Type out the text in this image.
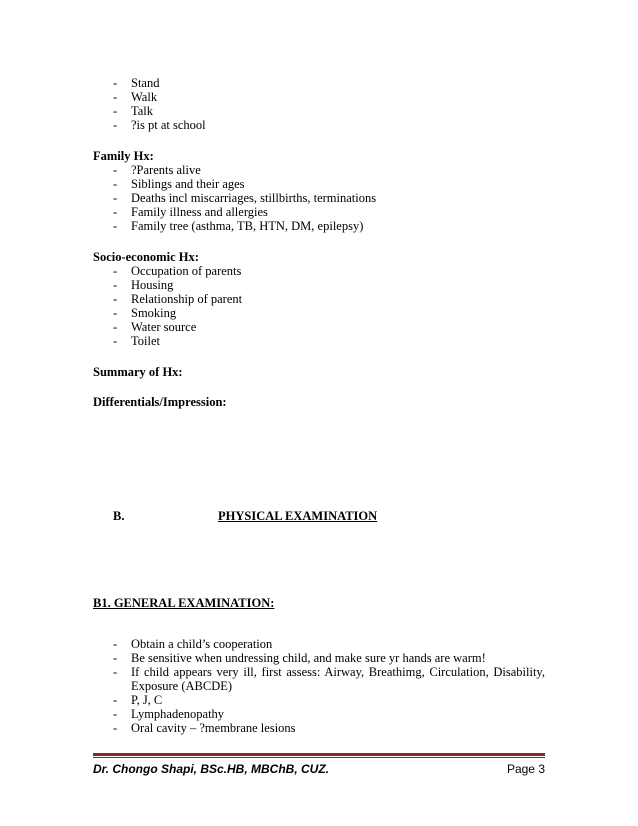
- Stand
- Walk
- Talk
- ?is pt at school
Family Hx:
- ?Parents alive
- Siblings and their ages
- Deaths incl miscarriages, stillbirths, terminations
- Family illness and allergies
- Family tree (asthma, TB, HTN, DM, epilepsy)
Socio-economic Hx:
- Occupation of parents
- Housing
- Relationship of parent
- Smoking
- Water source
- Toilet
Summary of Hx:
Differentials/Impression:
B.	PHYSICAL EXAMINATION
B1. GENERAL EXAMINATION:
- Obtain a child’s cooperation
- Be sensitive when undressing child, and make sure yr hands are warm!
- If child appears very ill, first assess: Airway, Breathimg, Circulation, Disability,
Exposure (ABCDE)
- P, J, C
- Lymphadenopathy
- Oral cavity – ?membrane lesions
Dr. Chongo Shapi, BSc.HB, MBChB, CUZ.	Page 3
